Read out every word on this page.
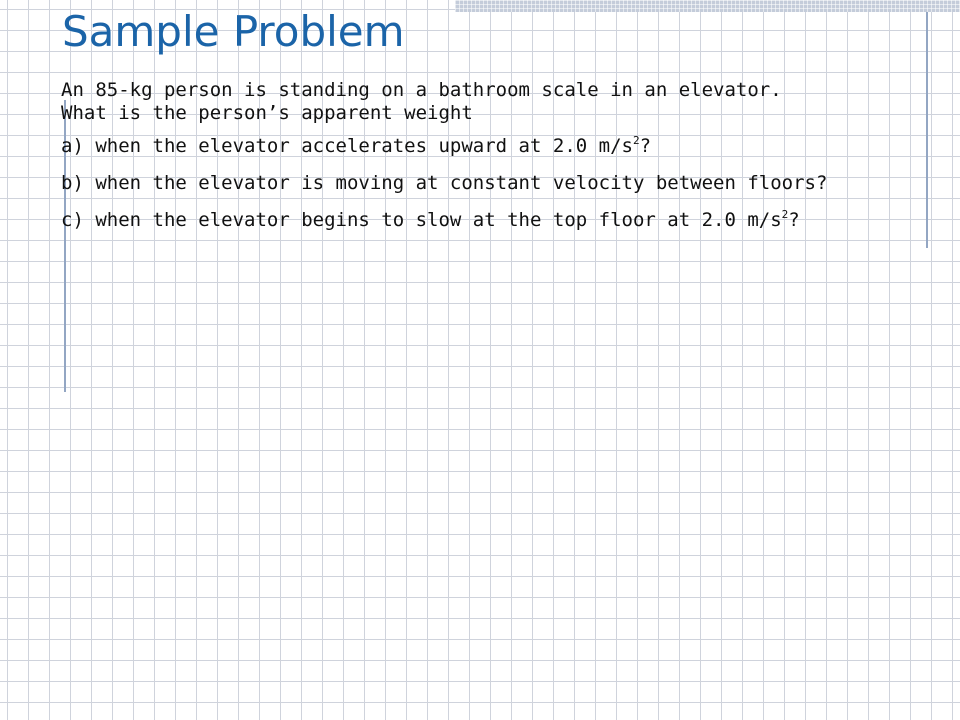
Sample Problem

An 85-kg person is standing on a bathroom scale in an elevator.
What is the person’s apparent weight

a) when the elevator accelerates upward at 2.0 $m/s^2$?

b) when the elevator is moving at constant velocity between floors?

c) when the elevator begins to slow at the top floor at 2.0 $m/s^2$?
